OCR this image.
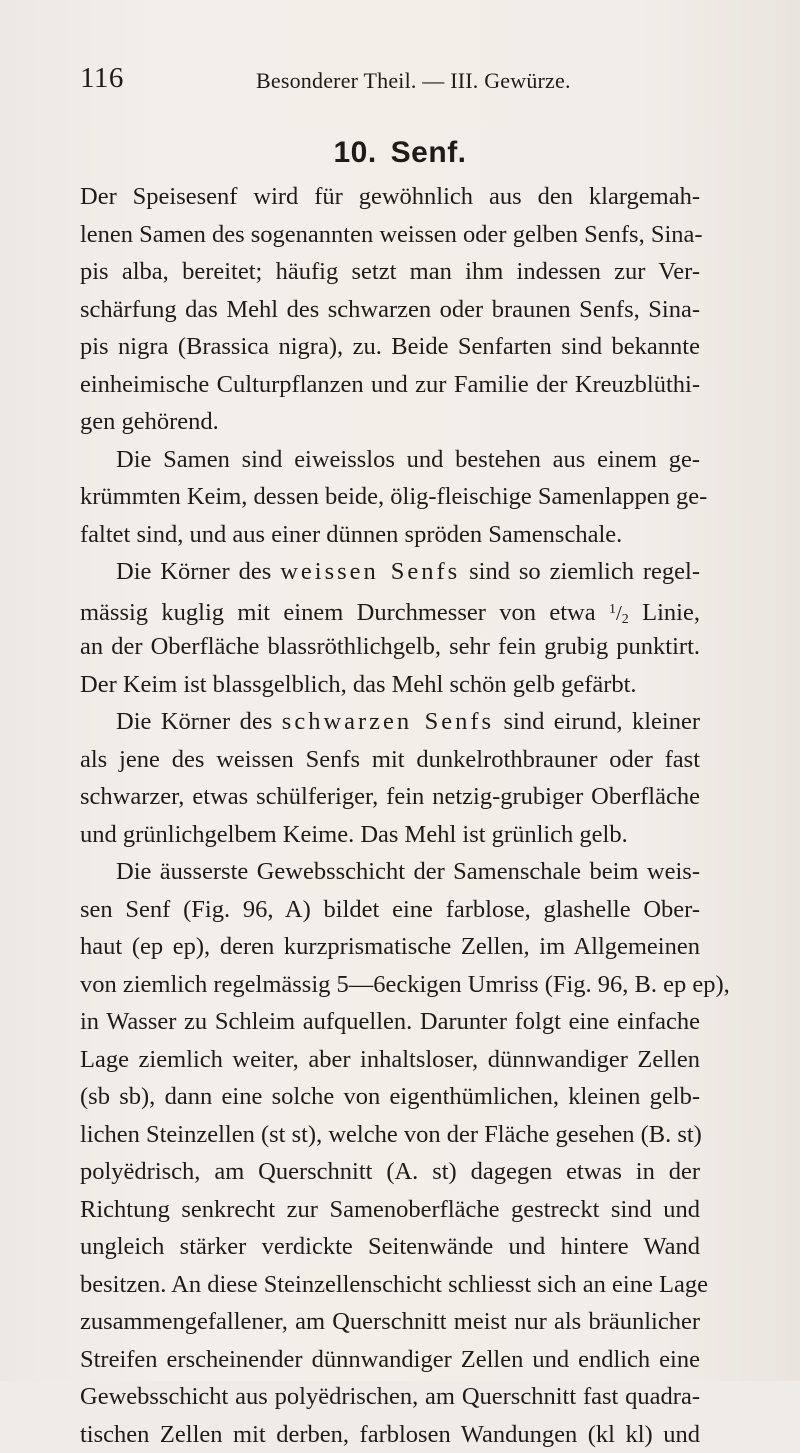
116	Besonderer Theil. — III. Gewürze.
10. Senf.
Der Speisesenf wird für gewöhnlich aus den klargemah-
lenen Samen des sogenannten weissen oder gelben Senfs, Sina-
pis alba, bereitet; häufig setzt man ihm indessen zur Ver-
schärfung das Mehl des schwarzen oder braunen Senfs, Sina-
pis nigra (Brassica nigra), zu. Beide Senfarten sind bekannte
einheimische Culturpflanzen und zur Familie der Kreuzblüthi-
gen gehörend.
Die Samen sind eiweisslos und bestehen aus einem ge-
krümmten Keim, dessen beide, ölig-fleischige Samenlappen ge-
faltet sind, und aus einer dünnen spröden Samenschale.
Die Körner des weissen Senfs sind so ziemlich regel-
mässig kuglig mit einem Durchmesser von etwa $^1/_2$ Linie,
an der Oberfläche blassröthlichgelb, sehr fein grubig punktirt.
Der Keim ist blassgelblich, das Mehl schön gelb gefärbt.
Die Körner des schwarzen Senfs sind eirund, kleiner
als jene des weissen Senfs mit dunkelrothbrauner oder fast
schwarzer, etwas schülferiger, fein netzig-grubiger Oberfläche
und grünlichgelbem Keime. Das Mehl ist grünlich gelb.
Die äusserste Gewebsschicht der Samenschale beim weis-
sen Senf (Fig. 96, A) bildet eine farblose, glashelle Ober-
haut (ep ep), deren kurzprismatische Zellen, im Allgemeinen
von ziemlich regelmässig 5—6eckigen Umriss (Fig. 96, B. ep ep),
in Wasser zu Schleim aufquellen. Darunter folgt eine einfache
Lage ziemlich weiter, aber inhaltsloser, dünnwandiger Zellen
(sb sb), dann eine solche von eigenthümlichen, kleinen gelb-
lichen Steinzellen (st st), welche von der Fläche gesehen (B. st)
polyëdrisch, am Querschnitt (A. st) dagegen etwas in der
Richtung senkrecht zur Samenoberfläche gestreckt sind und
ungleich stärker verdickte Seitenwände und hintere Wand
besitzen. An diese Steinzellenschicht schliesst sich an eine Lage
zusammengefallener, am Querschnitt meist nur als bräunlicher
Streifen erscheinender dünnwandiger Zellen und endlich eine
Gewebsschicht aus polyëdrischen, am Querschnitt fast quadra-
tischen Zellen mit derben, farblosen Wandungen (kl kl) und
